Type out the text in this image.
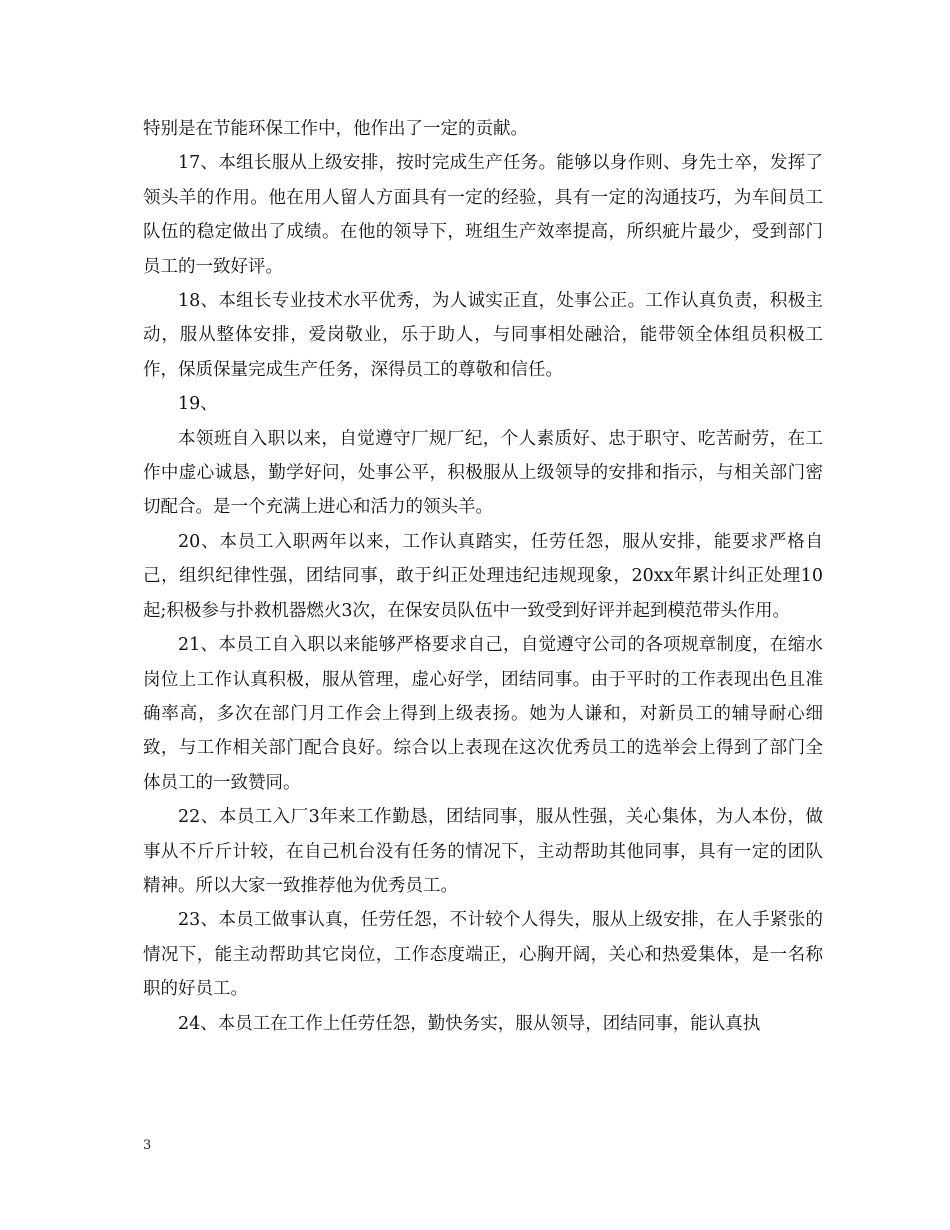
特别是在节能环保工作中，他作出了一定的贡献。

17、本组长服从上级安排，按时完成生产任务。能够以身作则、身先士卒，发挥了领头羊的作用。他在用人留人方面具有一定的经验，具有一定的沟通技巧，为车间员工队伍的稳定做出了成绩。在他的领导下，班组生产效率提高，所织疵片最少，受到部门员工的一致好评。

18、本组长专业技术水平优秀，为人诚实正直，处事公正。工作认真负责，积极主动，服从整体安排，爱岗敬业，乐于助人，与同事相处融洽，能带领全体组员积极工作，保质保量完成生产任务，深得员工的尊敬和信任。

19、

本领班自入职以来，自觉遵守厂规厂纪，个人素质好、忠于职守、吃苦耐劳，在工作中虚心诚恳，勤学好问，处事公平，积极服从上级领导的安排和指示，与相关部门密切配合。是一个充满上进心和活力的领头羊。

20、本员工入职两年以来，工作认真踏实，任劳任怨，服从安排，能要求严格自己，组织纪律性强，团结同事，敢于纠正处理违纪违规现象，20xx年累计纠正处理10起;积极参与扑救机器燃火3次，在保安员队伍中一致受到好评并起到模范带头作用。

21、本员工自入职以来能够严格要求自己，自觉遵守公司的各项规章制度，在缩水岗位上工作认真积极，服从管理，虚心好学，团结同事。由于平时的工作表现出色且准确率高，多次在部门月工作会上得到上级表扬。她为人谦和，对新员工的辅导耐心细致，与工作相关部门配合良好。综合以上表现在这次优秀员工的选举会上得到了部门全体员工的一致赞同。

22、本员工入厂3年来工作勤恳，团结同事，服从性强，关心集体，为人本份，做事从不斤斤计较，在自己机台没有任务的情况下，主动帮助其他同事，具有一定的团队精神。所以大家一致推荐他为优秀员工。

23、本员工做事认真，任劳任怨，不计较个人得失，服从上级安排，在人手紧张的情况下，能主动帮助其它岗位，工作态度端正，心胸开阔，关心和热爱集体，是一名称职的好员工。

24、本员工在工作上任劳任怨，勤快务实，服从领导，团结同事，能认真执

3
